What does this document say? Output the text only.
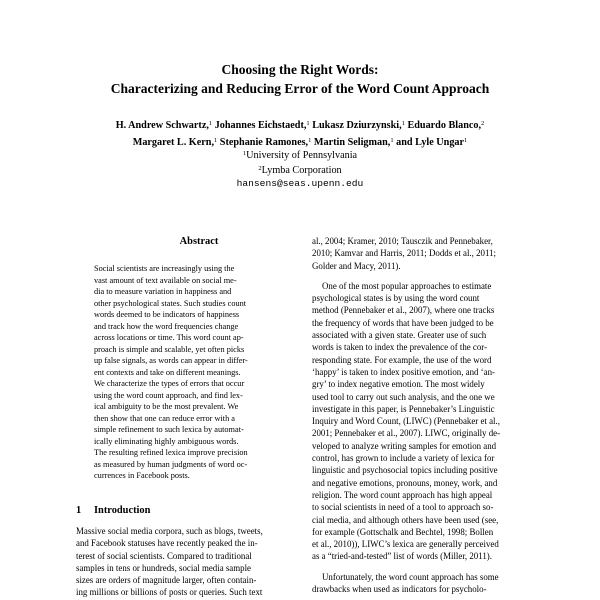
Choosing the Right Words:
Characterizing and Reducing Error of the Word Count Approach
H. Andrew Schwartz,$^1$ Johannes Eichstaedt,$^1$ Lukasz Dziurzynski,$^1$ Eduardo Blanco,$^2$
Margaret L. Kern,$^1$ Stephanie Ramones,$^1$ Martin Seligman,$^1$ and Lyle Ungar$^1$
$^1$University of Pennsylvania
$^2$Lymba Corporation
hansens@seas.upenn.edu
Abstract
Social scientists are increasingly using the
vast amount of text available on social me-
dia to measure variation in happiness and
other psychological states. Such studies count
words deemed to be indicators of happiness
and track how the word frequencies change
across locations or time. This word count ap-
proach is simple and scalable, yet often picks
up false signals, as words can appear in differ-
ent contexts and take on different meanings.
We characterize the types of errors that occur
using the word count approach, and find lex-
ical ambiguity to be the most prevalent. We
then show that one can reduce error with a
simple refinement to such lexica by automat-
ically eliminating highly ambiguous words.
The resulting refined lexica improve precision
as measured by human judgments of word oc-
currences in Facebook posts.
1 Introduction
Massive social media corpora, such as blogs, tweets,
and Facebook statuses have recently peaked the in-
terest of social scientists. Compared to traditional
samples in tens or hundreds, social media sample
sizes are orders of magnitude larger, often contain-
ing millions or billions of posts or queries. Such text
al., 2004; Kramer, 2010; Tausczik and Pennebaker,
2010; Kamvar and Harris, 2011; Dodds et al., 2011;
Golder and Macy, 2011).
One of the most popular approaches to estimate
psychological states is by using the word count
method (Pennebaker et al., 2007), where one tracks
the frequency of words that have been judged to be
associated with a given state. Greater use of such
words is taken to index the prevalence of the cor-
responding state. For example, the use of the word
‘happy’ is taken to index positive emotion, and ‘an-
gry’ to index negative emotion. The most widely
used tool to carry out such analysis, and the one we
investigate in this paper, is Pennebaker’s Linguistic
Inquiry and Word Count, (LIWC) (Pennebaker et al.,
2001; Pennebaker et al., 2007). LIWC, originally de-
veloped to analyze writing samples for emotion and
control, has grown to include a variety of lexica for
linguistic and psychosocial topics including positive
and negative emotions, pronouns, money, work, and
religion. The word count approach has high appeal
to social scientists in need of a tool to approach so-
cial media, and although others have been used (see,
for example (Gottschalk and Bechtel, 1998; Bollen
et al., 2010)), LIWC’s lexica are generally perceived
as a “tried-and-tested” list of words (Miller, 2011).
Unfortunately, the word count approach has some
drawbacks when used as indicators for psycholo-
